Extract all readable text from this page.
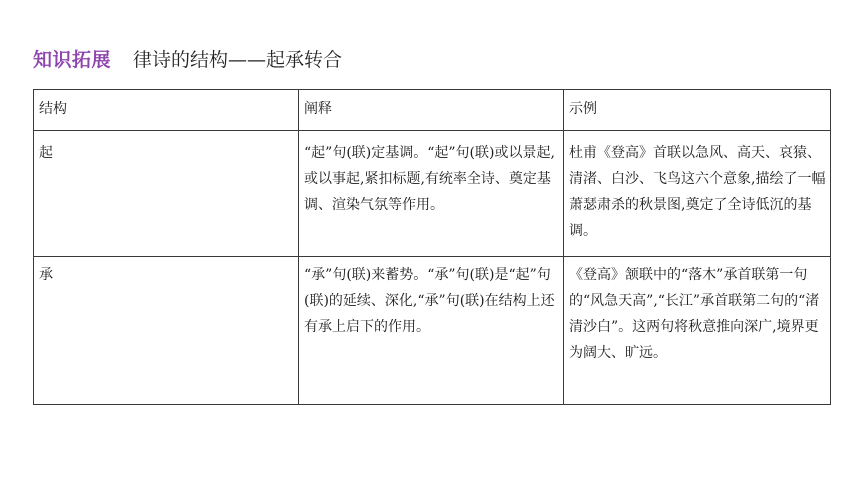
知识拓展 律诗的结构——起承转合
结构	阐释	示例
起	“起”句(联)定基调。“起”句(联)或以景起,或以事起,紧扣标题,有统率全诗、奠定基调、渲染气氛等作用。	杜甫《登高》首联以急风、高天、哀猿、清渚、白沙、飞鸟这六个意象,描绘了一幅萧瑟肃杀的秋景图,奠定了全诗低沉的基调。
承	“承”句(联)来蓄势。“承”句(联)是“起”句(联)的延续、深化,“承”句(联)在结构上还有承上启下的作用。	《登高》颔联中的“落木”承首联第一句的“风急天高”,“长江”承首联第二句的“渚清沙白”。这两句将秋意推向深广,境界更为阔大、旷远。
